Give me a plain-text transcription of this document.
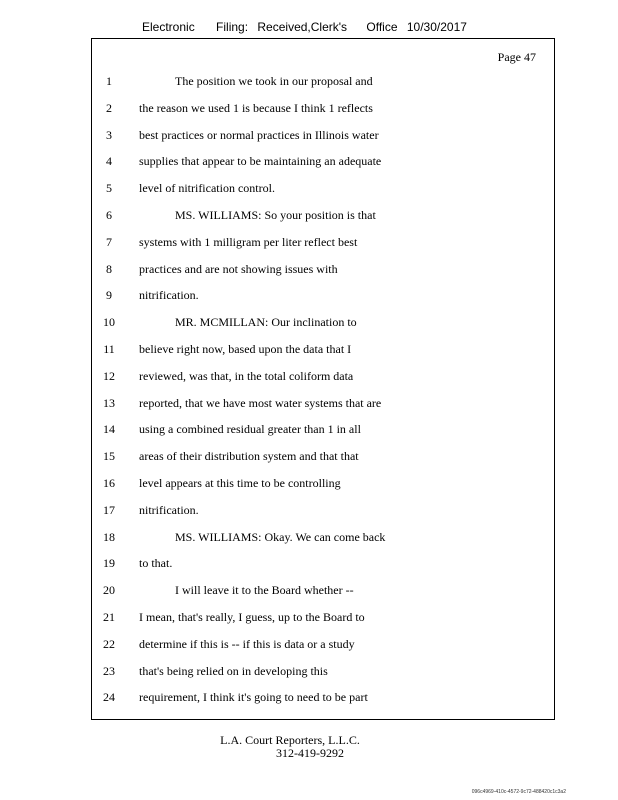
Electronic Filing: Received,Clerk's Office 10/30/2017
Page 47
1	The position we took in our proposal and
2	the reason we used 1 is because I think 1 reflects
3	best practices or normal practices in Illinois water
4	supplies that appear to be maintaining an adequate
5	level of nitrification control.
6	MS. WILLIAMS: So your position is that
7	systems with 1 milligram per liter reflect best
8	practices and are not showing issues with
9	nitrification.
10	MR. MCMILLAN: Our inclination to
11 believe right now, based upon the data that I
12 reviewed, was that, in the total coliform data
13 reported, that we have most water systems that are
14 using a combined residual greater than 1 in all
15 areas of their distribution system and that that
16 level appears at this time to be controlling
17 nitrification.
18	MS. WILLIAMS: Okay. We can come back
19 to that.
20	I will leave it to the Board whether --
21 I mean, that's really, I guess, up to the Board to
22 determine if this is -- if this is data or a study
23 that's being relied on in developing this
24 requirement, I think it's going to need to be part
L.A. Court Reporters, L.L.C.
312-419-9292
096c4969-410c-4572-9c72-488420c1c3a2
